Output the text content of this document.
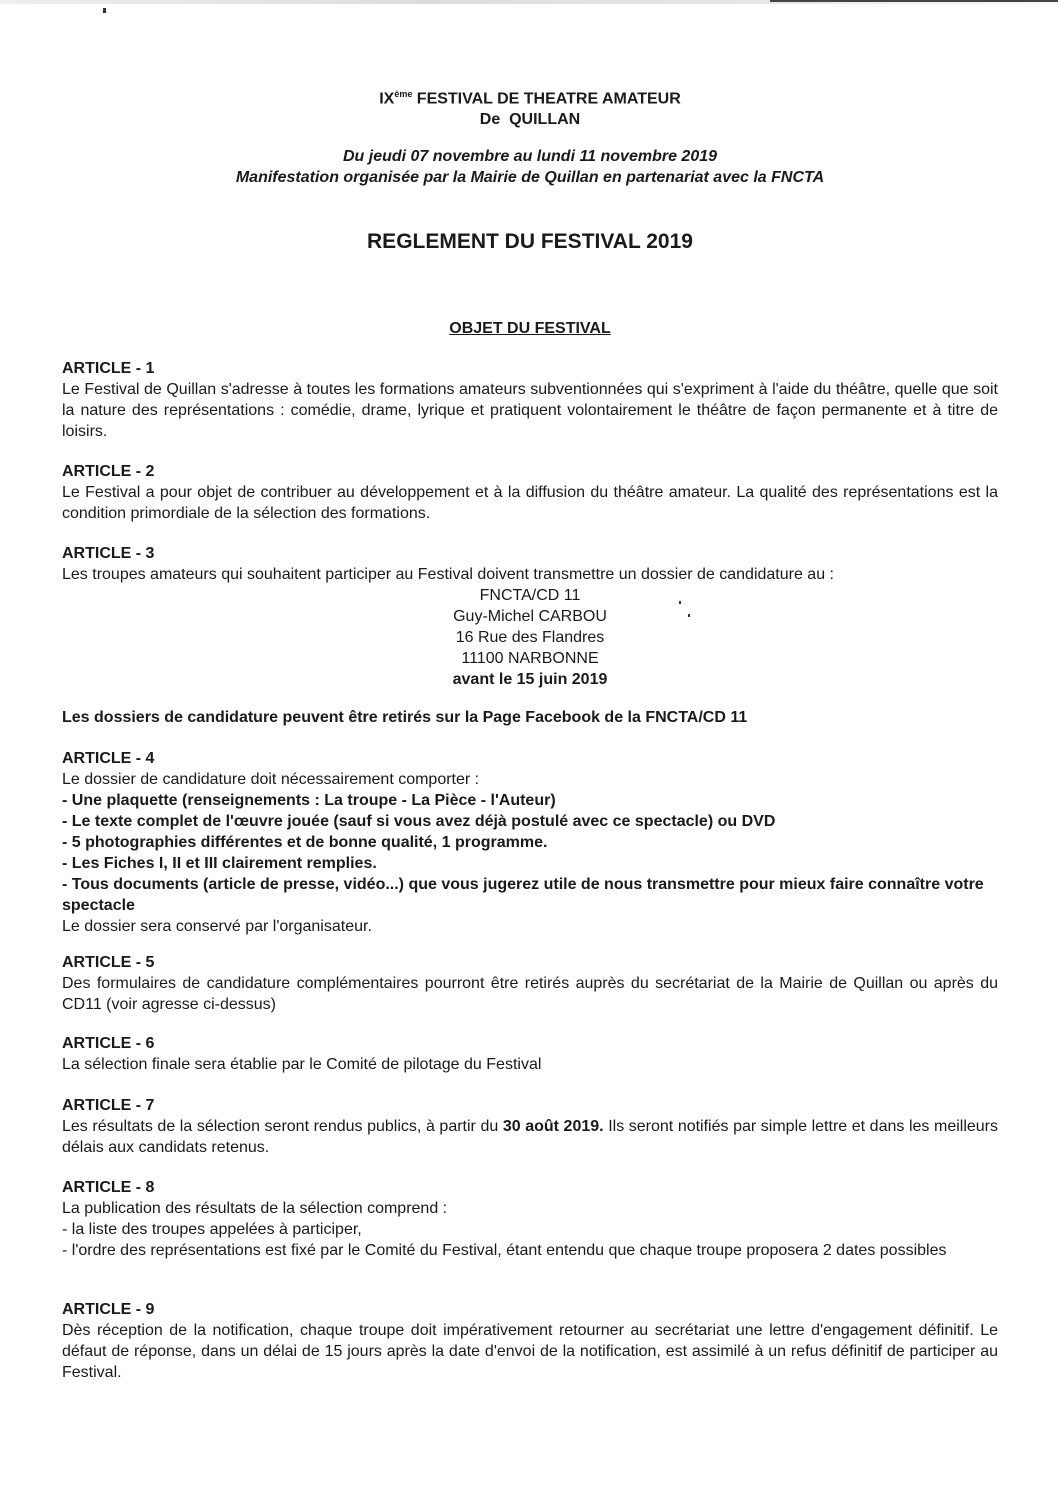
IXème FESTIVAL DE THEATRE AMATEUR
De  QUILLAN
Du jeudi 07 novembre au lundi 11 novembre 2019
Manifestation organisée par la Mairie de Quillan en partenariat avec la FNCTA
REGLEMENT DU FESTIVAL 2019
OBJET DU FESTIVAL
ARTICLE - 1
Le Festival de Quillan s'adresse à toutes les formations amateurs subventionnées qui s'expriment à l'aide du théâtre, quelle que soit la nature des représentations : comédie, drame, lyrique et pratiquent volontairement le théâtre de façon permanente et à titre de loisirs.
ARTICLE - 2
Le Festival a pour objet de contribuer au développement et à la diffusion du théâtre amateur. La qualité des représentations est la condition primordiale de la sélection des formations.
ARTICLE - 3
Les troupes amateurs qui souhaitent participer au Festival doivent transmettre un dossier de candidature au :
FNCTA/CD 11
Guy-Michel CARBOU
16 Rue des Flandres
11100 NARBONNE
avant le 15 juin 2019
Les dossiers de candidature peuvent être retirés sur la Page Facebook de la FNCTA/CD 11
ARTICLE - 4
Le dossier de candidature doit nécessairement comporter :
- Une plaquette (renseignements : La troupe - La Pièce - l'Auteur)
- Le texte complet de l'œuvre jouée (sauf si vous avez déjà postulé avec ce spectacle) ou DVD
- 5 photographies différentes et de bonne qualité, 1 programme.
- Les Fiches I, II et III clairement remplies.
- Tous documents (article de presse, vidéo...) que vous jugerez utile de nous transmettre pour mieux faire connaître votre spectacle
Le dossier sera conservé par l'organisateur.
ARTICLE - 5
Des formulaires de candidature complémentaires pourront être retirés auprès du secrétariat de la Mairie de Quillan ou après du CD11 (voir agresse ci-dessus)
ARTICLE - 6
La sélection finale sera établie par le Comité de pilotage du Festival
ARTICLE - 7
Les résultats de la sélection seront rendus publics, à partir du 30 août 2019. Ils seront notifiés par simple lettre et dans les meilleurs délais aux candidats retenus.
ARTICLE - 8
La publication des résultats de la sélection comprend :
- la liste des troupes appelées à participer,
- l'ordre des représentations est fixé par le Comité du Festival, étant entendu que chaque troupe proposera 2 dates possibles
ARTICLE - 9
Dès réception de la notification, chaque troupe doit impérativement retourner au secrétariat une lettre d'engagement définitif. Le défaut de réponse, dans un délai de 15 jours après la date d'envoi de la notification, est assimilé à un refus définitif de participer au Festival.
